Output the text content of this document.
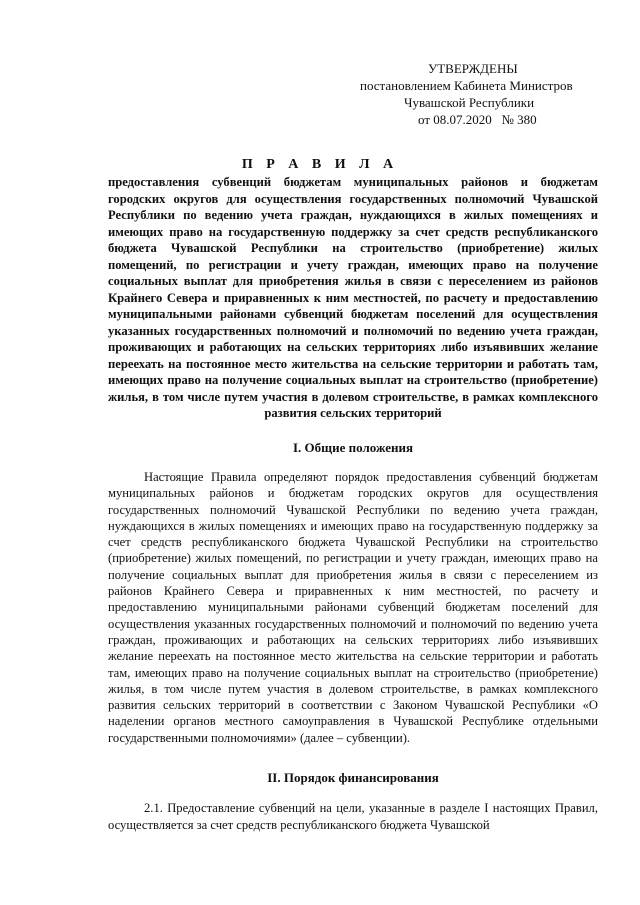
УТВЕРЖДЕНЫ
постановлением Кабинета Министров
Чувашской Республики
от 08.07.2020   № 380
П Р А В И Л А
предоставления субвенций бюджетам муниципальных районов и бюджетам городских округов для осуществления государственных полномочий Чувашской Республики по ведению учета граждан, нуждающихся в жилых помещениях и имеющих право на государственную поддержку за счет средств республиканского бюджета Чувашской Республики на строительство (приобретение) жилых помещений, по регистрации и учету граждан, имеющих право на получение социальных выплат для приобретения жилья в связи с переселением из районов Крайнего Севера и приравненных к ним местностей, по расчету и предоставлению муниципальными районами субвенций бюджетам поселений для осуществления указанных государственных полномочий и полномочий по ведению учета граждан, проживающих и работающих на сельских территориях либо изъявивших желание переехать на постоянное место жительства на сельские территории и работать там, имеющих право на получение социальных выплат на строительство (приобретение) жилья, в том числе путем участия в долевом строительстве, в рамках комплексного развития сельских территорий
I. Общие положения
Настоящие Правила определяют порядок предоставления субвенций бюджетам муниципальных районов и бюджетам городских округов для осуществления государственных полномочий Чувашской Республики по ведению учета граждан, нуждающихся в жилых помещениях и имеющих право на государственную поддержку за счет средств республиканского бюджета Чувашской Республики на строительство (приобретение) жилых помещений, по регистрации и учету граждан, имеющих право на получение социальных выплат для приобретения жилья в связи с переселением из районов Крайнего Севера и приравненных к ним местностей, по расчету и предоставлению муниципальными районами субвенций бюджетам поселений для осуществления указанных государственных полномочий и полномочий по ведению учета граждан, проживающих и работающих на сельских территориях либо изъявивших желание переехать на постоянное место жительства на сельские территории и работать там, имеющих право на получение социальных выплат на строительство (приобретение) жилья, в том числе путем участия в долевом строительстве, в рамках комплексного развития сельских территорий в соответствии с Законом Чувашской Республики «О наделении органов местного самоуправления в Чувашской Республике отдельными государственными полномочиями» (далее – субвенции).
II. Порядок финансирования
2.1. Предоставление субвенций на цели, указанные в разделе I настоящих Правил, осуществляется за счет средств республиканского бюджета Чувашской
